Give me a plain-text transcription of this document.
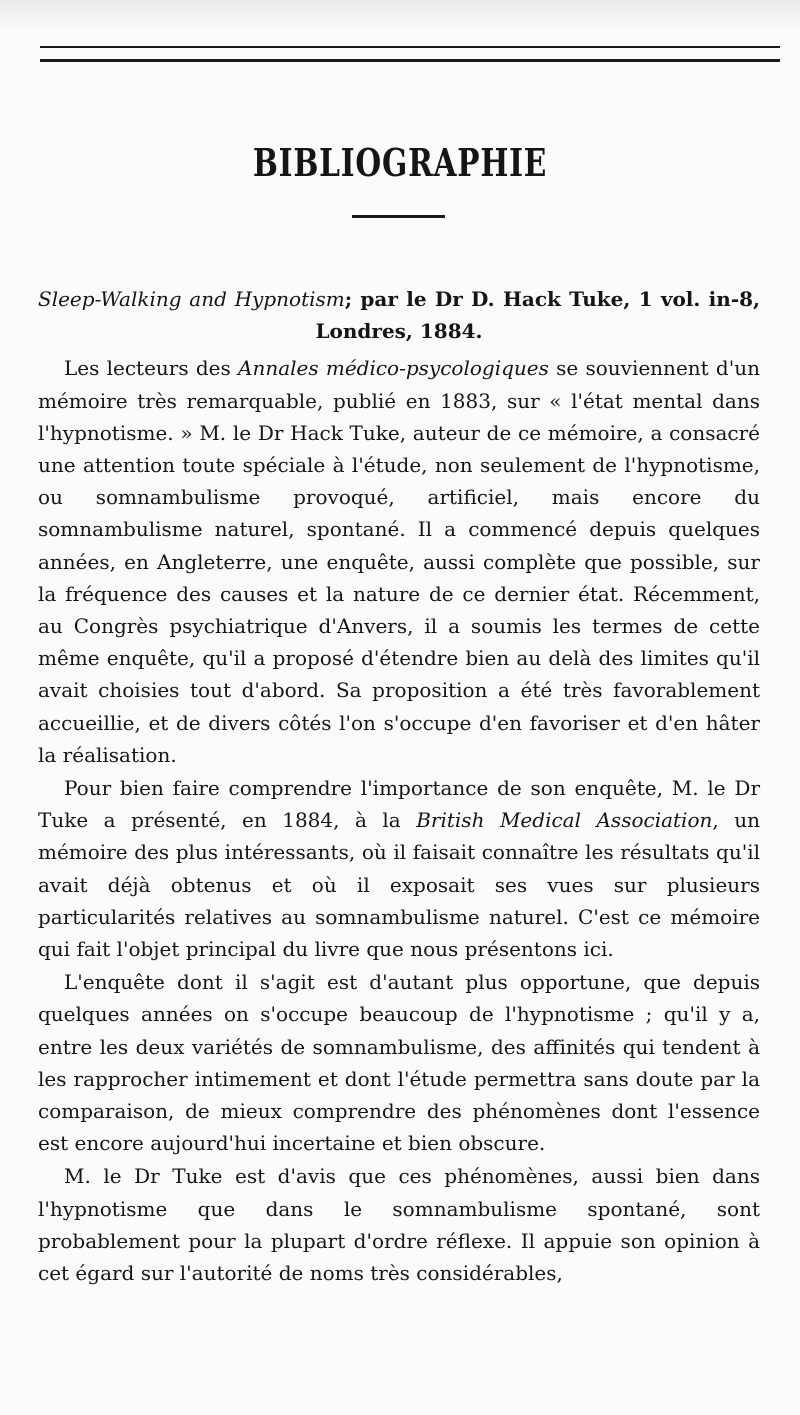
BIBLIOGRAPHIE

Sleep-Walking and Hypnotism; par le Dr D. Hack Tuke, 1 vol. in-8, Londres, 1884.

Les lecteurs des Annales médico-psycologiques se souviennent d'un mémoire très remarquable, publié en 1883, sur « l'état mental dans l'hypnotisme. » M. le Dr Hack Tuke, auteur de ce mémoire, a consacré une attention toute spéciale à l'étude, non seulement de l'hypnotisme, ou somnambulisme provoqué, artificiel, mais encore du somnambulisme naturel, spontané. Il a commencé depuis quelques années, en Angleterre, une enquête, aussi complète que possible, sur la fréquence des causes et la nature de ce dernier état. Récemment, au Congrès psychiatrique d'Anvers, il a soumis les termes de cette même enquête, qu'il a proposé d'étendre bien au delà des limites qu'il avait choisies tout d'abord. Sa proposition a été très favorablement accueillie, et de divers côtés l'on s'occupe d'en favoriser et d'en hâter la réalisation.

Pour bien faire comprendre l'importance de son enquête, M. le Dr Tuke a présenté, en 1884, à la British Medical Association, un mémoire des plus intéressants, où il faisait connaître les résultats qu'il avait déjà obtenus et où il exposait ses vues sur plusieurs particularités relatives au somnambulisme naturel. C'est ce mémoire qui fait l'objet principal du livre que nous présentons ici.

L'enquête dont il s'agit est d'autant plus opportune, que depuis quelques années on s'occupe beaucoup de l'hypnotisme ; qu'il y a, entre les deux variétés de somnambulisme, des affinités qui tendent à les rapprocher intimement et dont l'étude permettra sans doute par la comparaison, de mieux comprendre des phénomènes dont l'essence est encore aujourd'hui incertaine et bien obscure.

M. le Dr Tuke est d'avis que ces phénomènes, aussi bien dans l'hypnotisme que dans le somnambulisme spontané, sont probablement pour la plupart d'ordre réflexe. Il appuie son opinion à cet égard sur l'autorité de noms très considérables,
